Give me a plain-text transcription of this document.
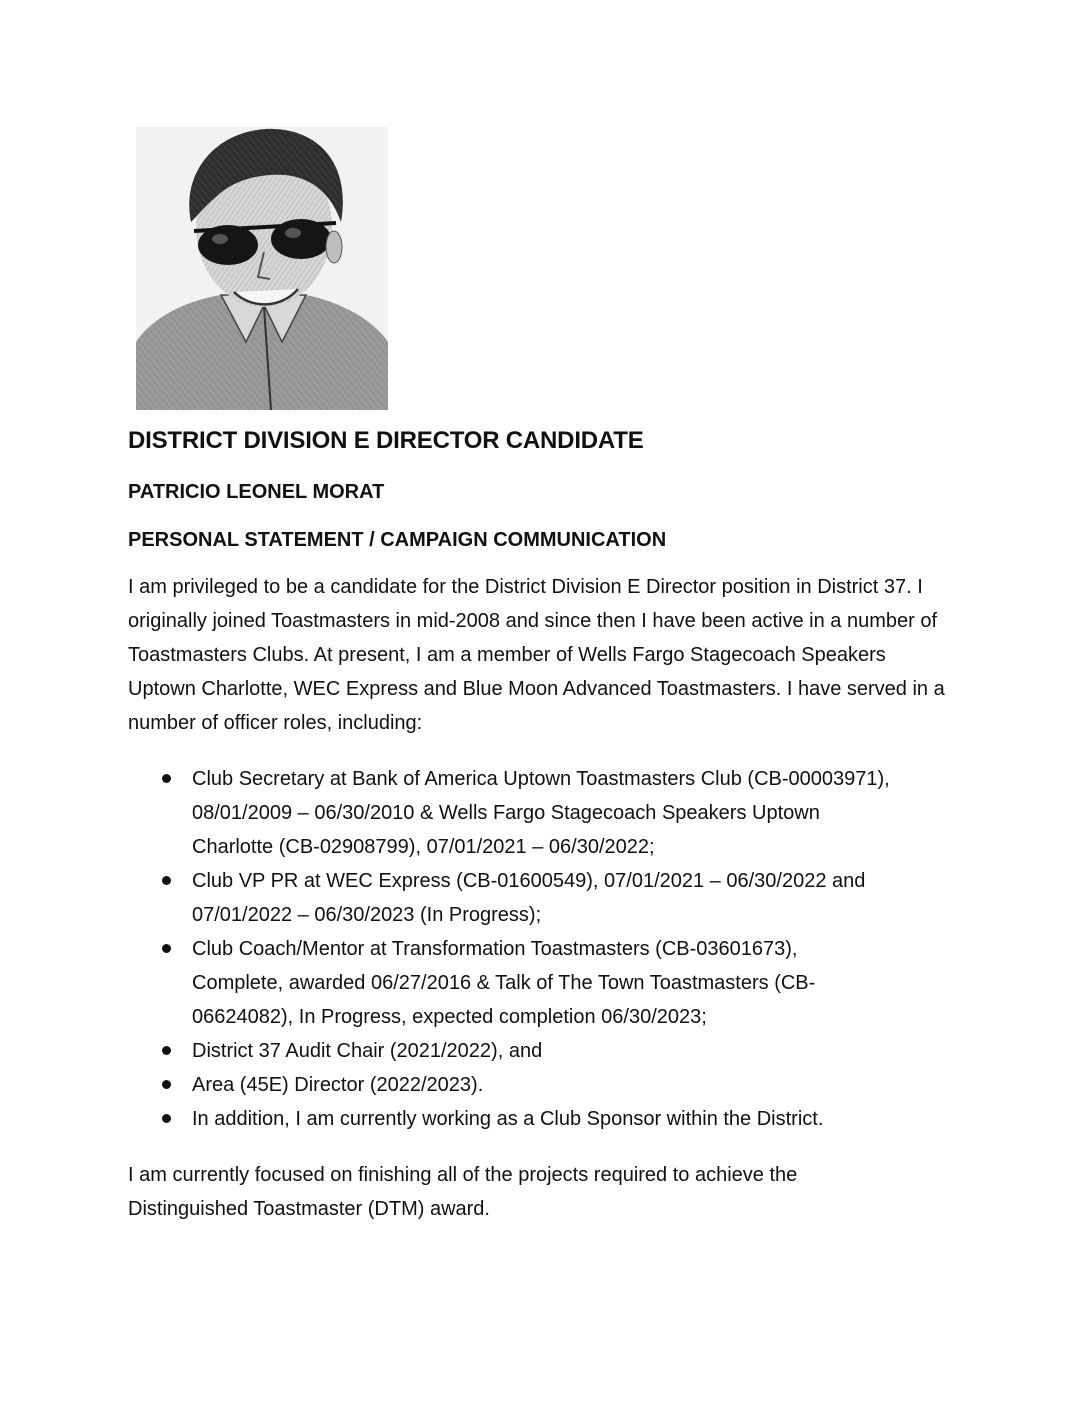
DISTRICT DIVISION E DIRECTOR CANDIDATE
PATRICIO LEONEL MORAT
PERSONAL STATEMENT / CAMPAIGN COMMUNICATION

I am privileged to be a candidate for the District Division E Director position in District 37. I originally joined Toastmasters in mid-2008 and since then I have been active in a number of Toastmasters Clubs. At present, I am a member of Wells Fargo Stagecoach Speakers Uptown Charlotte, WEC Express and Blue Moon Advanced Toastmasters. I have served in a number of officer roles, including:

Club Secretary at Bank of America Uptown Toastmasters Club (CB-00003971), 08/01/2009 – 06/30/2010 & Wells Fargo Stagecoach Speakers Uptown Charlotte (CB-02908799), 07/01/2021 – 06/30/2022;
Club VP PR at WEC Express (CB-01600549), 07/01/2021 – 06/30/2022 and 07/01/2022 – 06/30/2023 (In Progress);
Club Coach/Mentor at Transformation Toastmasters (CB-03601673), Complete, awarded 06/27/2016 & Talk of The Town Toastmasters (CB-06624082), In Progress, expected completion 06/30/2023;
District 37 Audit Chair (2021/2022), and
Area (45E) Director (2022/2023).
In addition, I am currently working as a Club Sponsor within the District.

I am currently focused on finishing all of the projects required to achieve the Distinguished Toastmaster (DTM) award.
